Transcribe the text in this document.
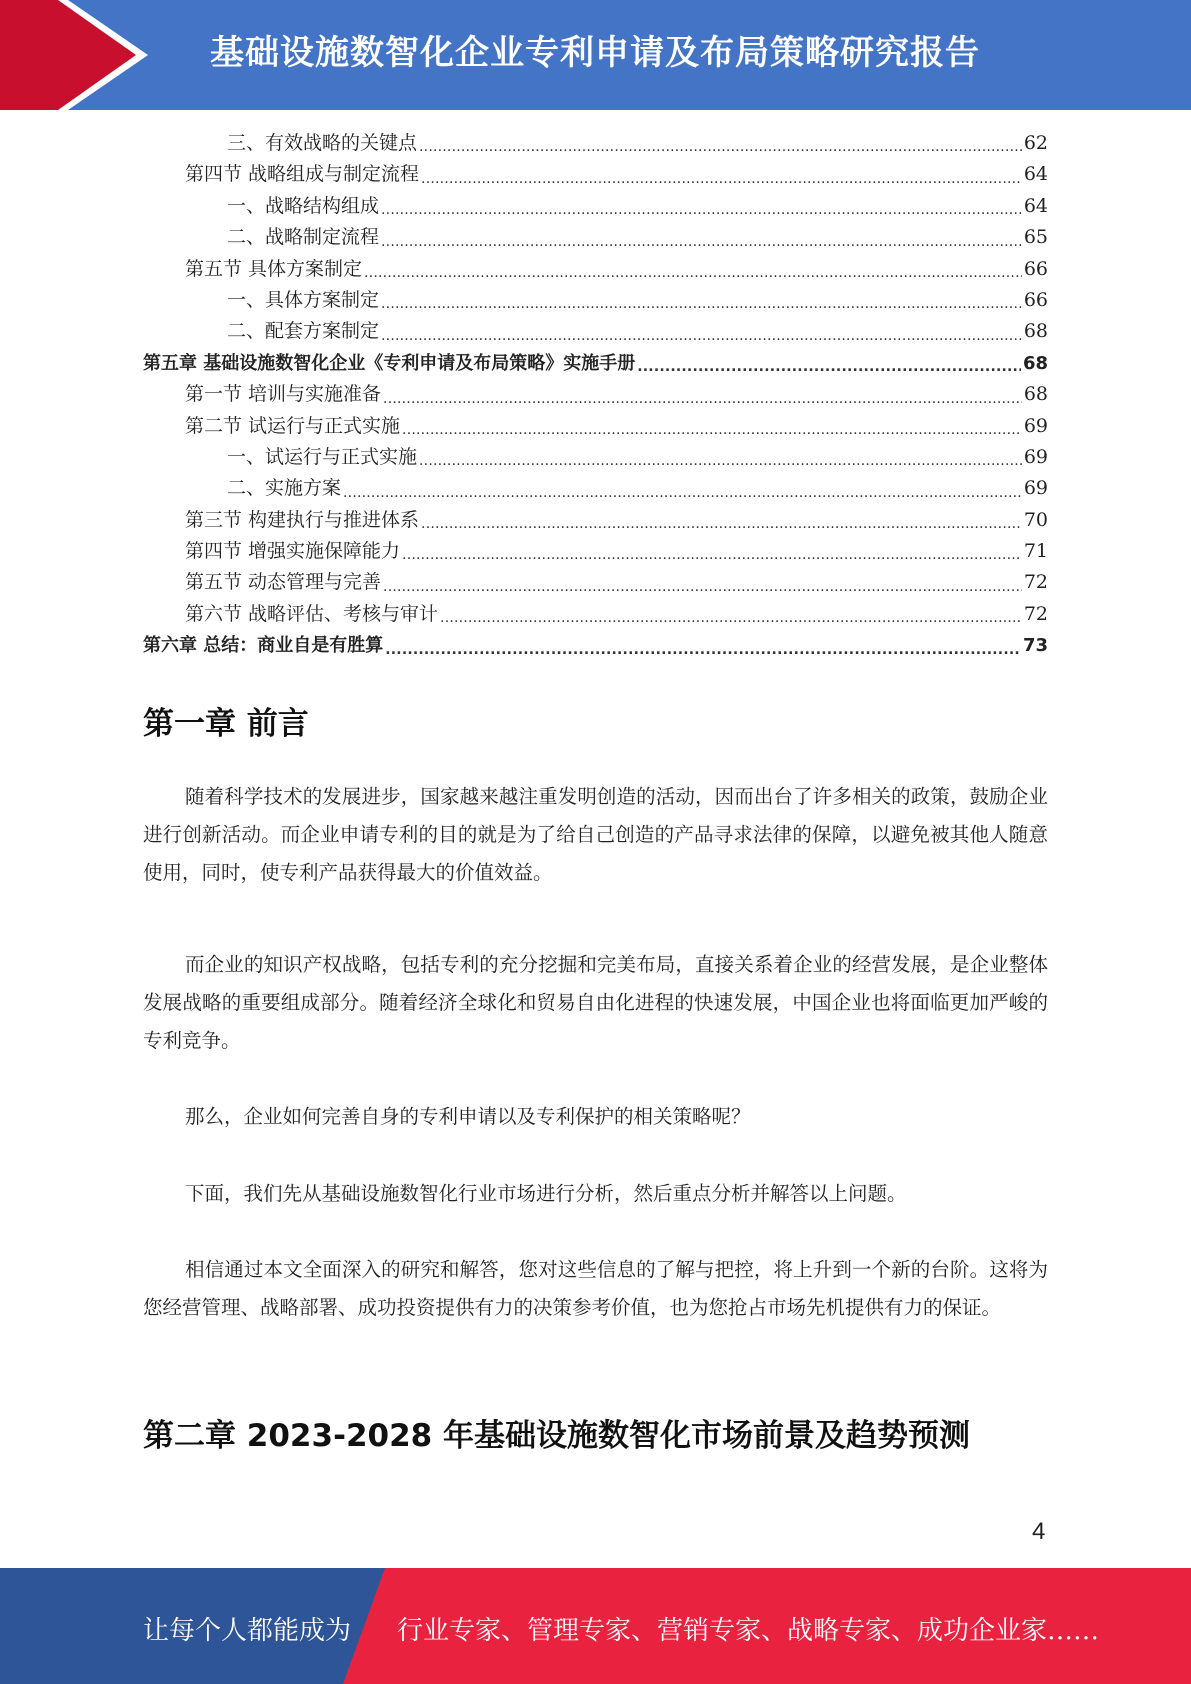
基础设施数智化企业专利申请及布局策略研究报告
三、有效战略的关键点 .....	62
第四节 战略组成与制定流程 .....	64
一、战略结构组成 .....	64
二、战略制定流程 .....	65
第五节 具体方案制定 .....	66
一、具体方案制定 .....	66
二、配套方案制定 .....	68
第五章 基础设施数智化企业《专利申请及布局策略》实施手册 .....	68
第一节 培训与实施准备 .....	68
第二节 试运行与正式实施 .....	69
一、试运行与正式实施 .....	69
二、实施方案 .....	69
第三节 构建执行与推进体系 .....	70
第四节 增强实施保障能力 .....	71
第五节 动态管理与完善 .....	72
第六节 战略评估、考核与审计 .....	72
第六章 总结：商业自是有胜算 .....	73
第一章 前言

随着科学技术的发展进步，国家越来越注重发明创造的活动，因而出台了许多相关的政策，鼓励企业进行创新活动。而企业申请专利的目的就是为了给自己创造的产品寻求法律的保障，以避免被其他人随意使用，同时，使专利产品获得最大的价值效益。

而企业的知识产权战略，包括专利的充分挖掘和完美布局，直接关系着企业的经营发展，是企业整体发展战略的重要组成部分。随着经济全球化和贸易自由化进程的快速发展，中国企业也将面临更加严峻的专利竞争。

那么，企业如何完善自身的专利申请以及专利保护的相关策略呢？

下面，我们先从基础设施数智化行业市场进行分析，然后重点分析并解答以上问题。

相信通过本文全面深入的研究和解答，您对这些信息的了解与把控，将上升到一个新的台阶。这将为您经营管理、战略部署、成功投资提供有力的决策参考价值，也为您抢占市场先机提供有力的保证。

第二章 2023-2028 年基础设施数智化市场前景及趋势预测
4
让每个人都能成为 行业专家、管理专家、营销专家、战略专家、成功企业家……
